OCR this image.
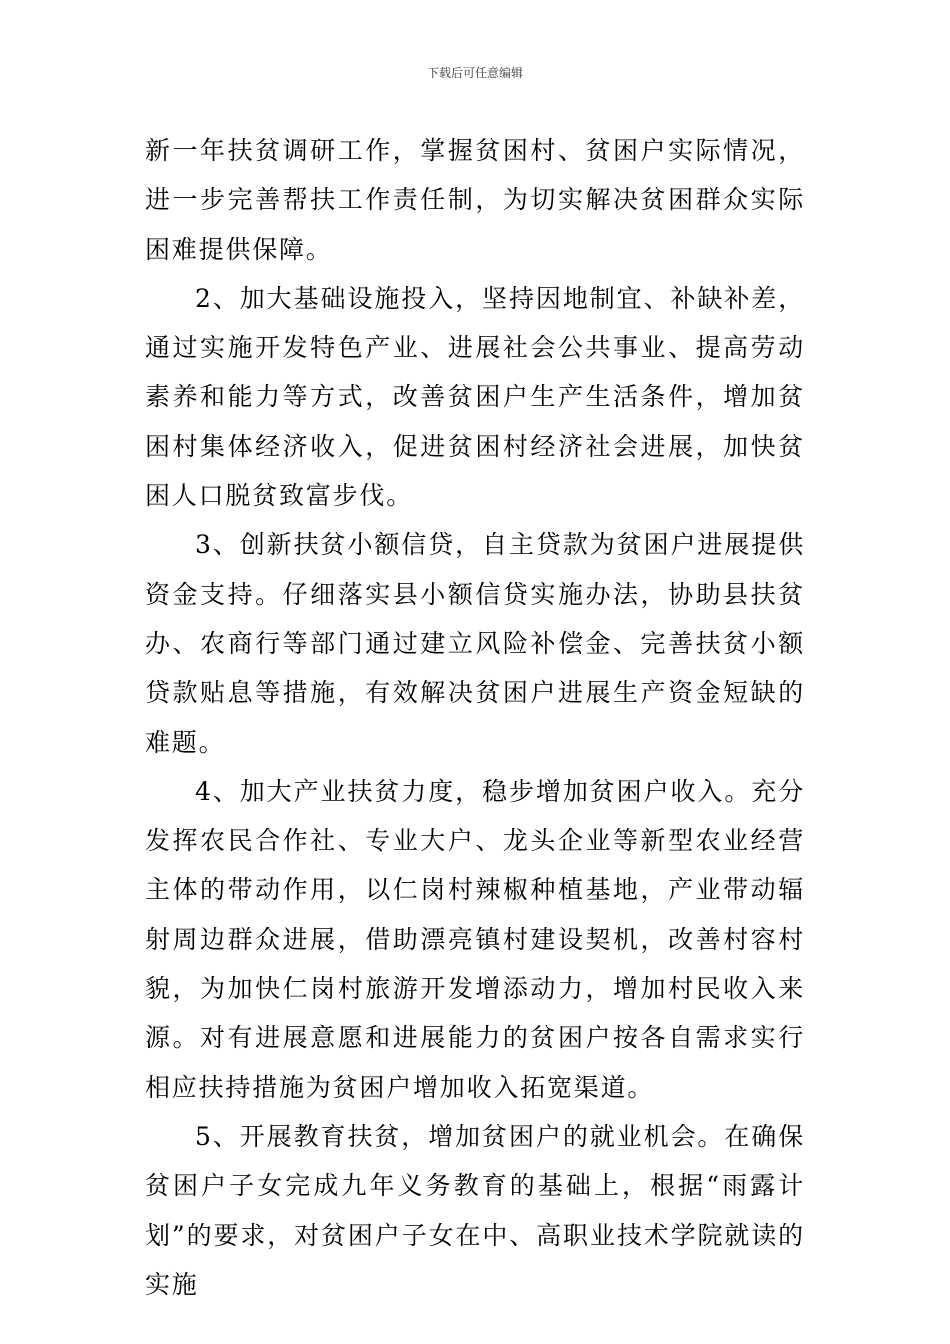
下载后可任意编辑

新一年扶贫调研工作，掌握贫困村、贫困户实际情况，进一步完善帮扶工作责任制，为切实解决贫困群众实际困难提供保障。

2、加大基础设施投入，坚持因地制宜、补缺补差，通过实施开发特色产业、进展社会公共事业、提高劳动素养和能力等方式，改善贫困户生产生活条件，增加贫困村集体经济收入，促进贫困村经济社会进展，加快贫困人口脱贫致富步伐。

3、创新扶贫小额信贷，自主贷款为贫困户进展提供资金支持。仔细落实县小额信贷实施办法，协助县扶贫办、农商行等部门通过建立风险补偿金、完善扶贫小额贷款贴息等措施，有效解决贫困户进展生产资金短缺的难题。

4、加大产业扶贫力度，稳步增加贫困户收入。充分发挥农民合作社、专业大户、龙头企业等新型农业经营主体的带动作用，以仁岗村辣椒种植基地，产业带动辐射周边群众进展，借助漂亮镇村建设契机，改善村容村貌，为加快仁岗村旅游开发增添动力，增加村民收入来源。对有进展意愿和进展能力的贫困户按各自需求实行相应扶持措施为贫困户增加收入拓宽渠道。

5、开展教育扶贫，增加贫困户的就业机会。在确保贫困户子女完成九年义务教育的基础上，根据“雨露计划”的要求，对贫困户子女在中、高职业技术学院就读的实施
